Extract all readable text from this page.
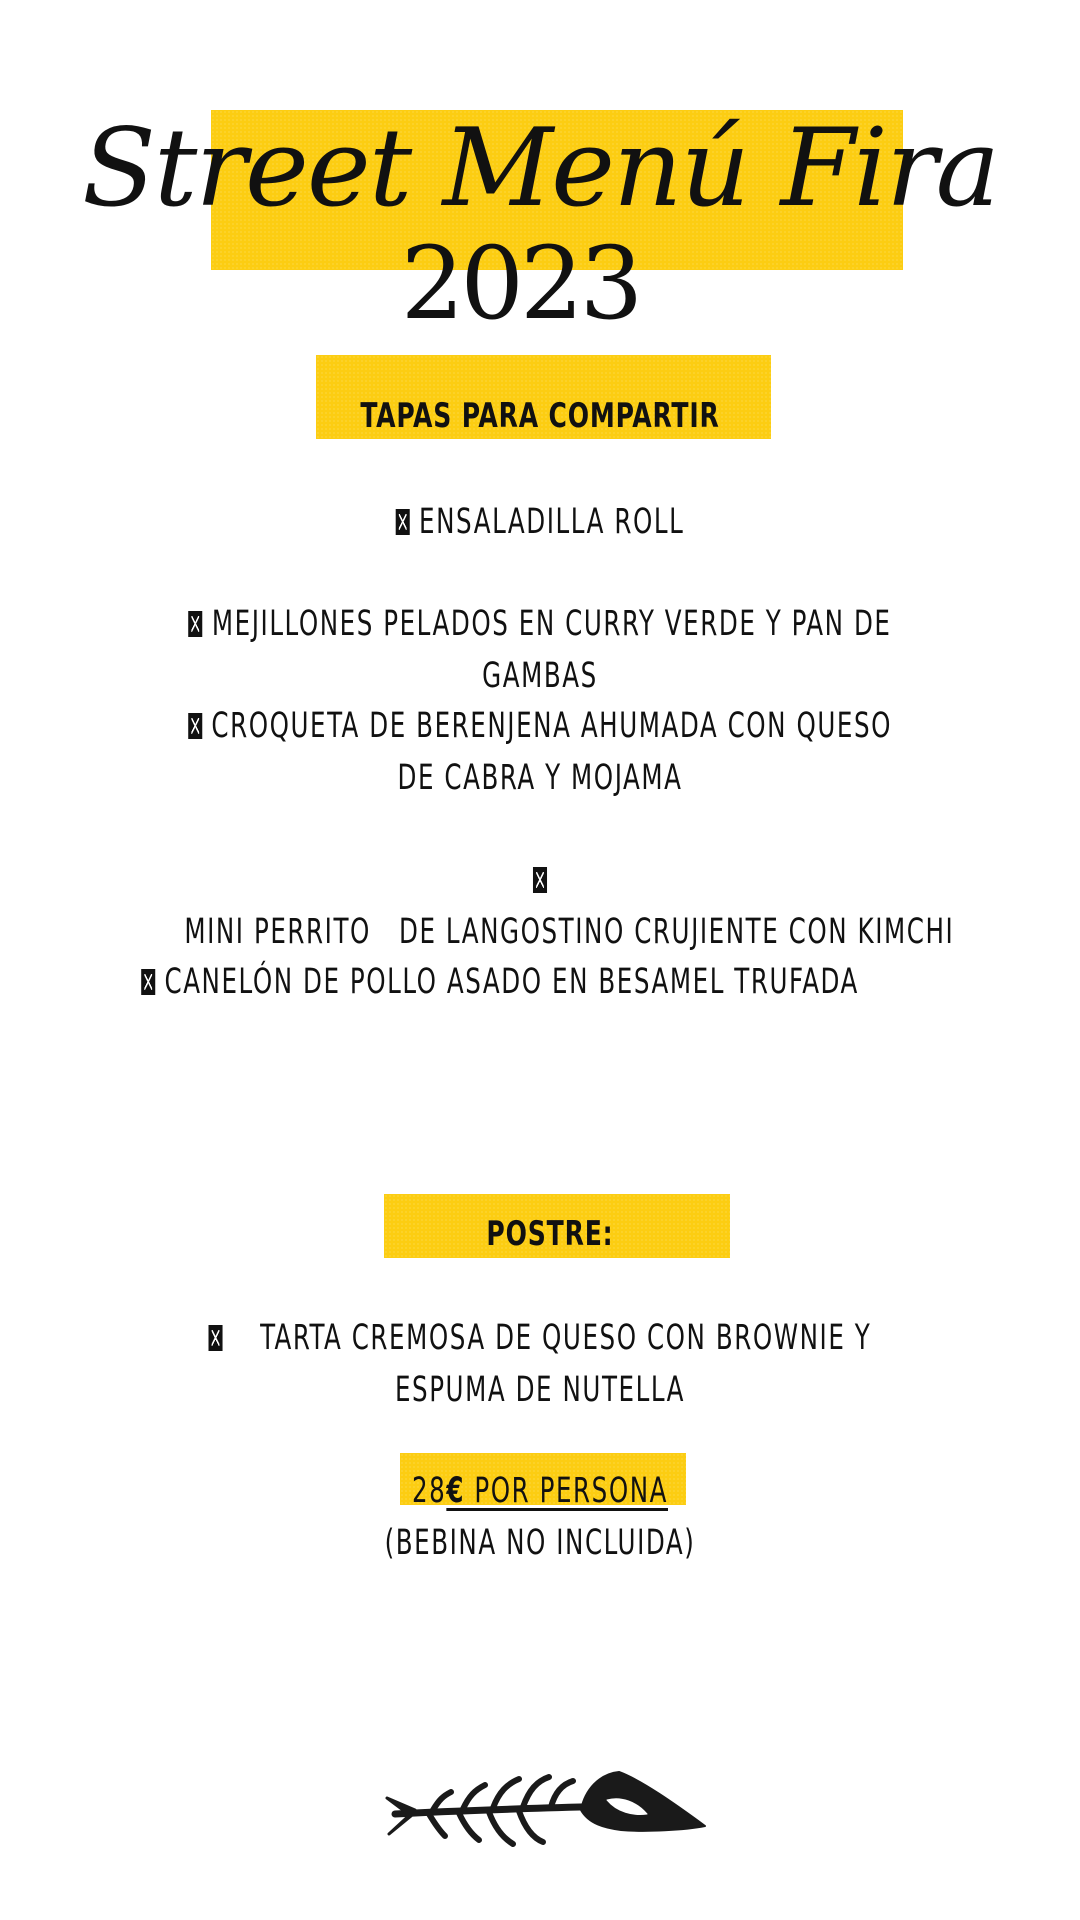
Street Menú Fira
2023
TAPAS PARA COMPARTIR
ENSALADILLA ROLL
MEJILLONES PELADOS EN CURRY VERDE Y PAN DE GAMBAS
CROQUETA DE BERENJENA AHUMADA CON QUESO DE CABRA Y MOJAMA
MINI PERRITO   DE LANGOSTINO CRUJIENTE CON KIMCHI
CANELÓN DE POLLO ASADO EN BESAMEL TRUFADA
POSTRE:
TARTA CREMOSA DE QUESO CON BROWNIE Y ESPUMA DE NUTELLA
28€ POR PERSONA
(BEBINA NO INCLUIDA)
